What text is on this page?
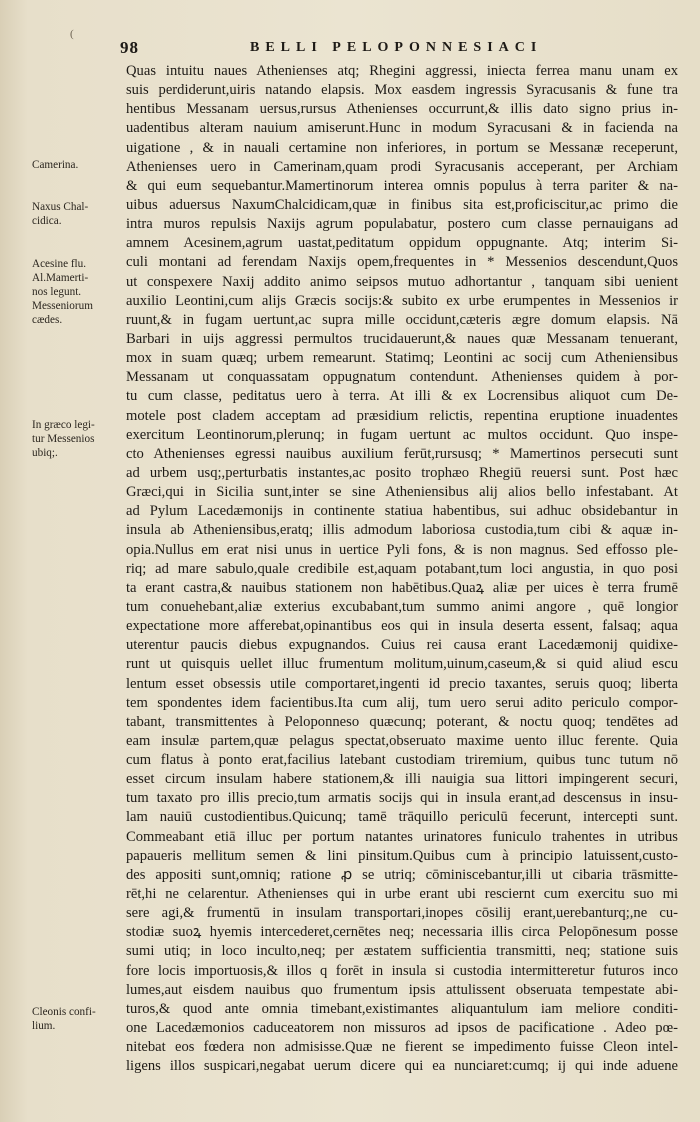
(
98	BELLI PELOPONNESIACI
Camerina.
Naxus Chal-
cidica.
Acesine flu.
Al.Mamerti-
nos legunt.
Messeniorum
cædes.
In græco legi-
tur Messenios
ubiq;.
Cleonis confi-
lium.
Quas intuitu naues Athenienses atq; Rhegini aggressi, iniecta ferrea manu unam ex
suis perdiderunt,uiris natando elapsis. Mox easdem ingressis Syracusanis & fune tra
hentibus Messanam uersus,rursus Athenienses occurrunt,& illis dato signo prius in-
uadentibus alteram nauium amiserunt.Hunc in modum Syracusani & in facienda na
uigatione , & in nauali certamine non inferiores, in portum se Messanæ receperunt,
Athenienses uero in Camerinam,quam prodi Syracusanis acceperant, per Archiam
& qui eum sequebantur.Mamertinorum interea omnis populus à terra pariter & na-
uibus aduersus NaxumChalcidicam,quæ in finibus sita est,proficiscitur,ac primo die
intra muros repulsis Naxijs agrum populabatur, postero cum classe pernauigans ad
amnem Acesinem,agrum uastat,peditatum oppidum oppugnante. Atq; interim Si-
culi montani ad ferendam Naxijs opem,frequentes in * Messenios descendunt,Quos
ut conspexere Naxij addito animo seipsos mutuo adhortantur , tanquam sibi uenient
auxilio Leontini,cum alijs Græcis socijs:& subito ex urbe erumpentes in Messenios ir
ruunt,& in fugam uertunt,ac supra mille occidunt,cæteris ægre domum elapsis. Nā
Barbari in uijs aggressi permultos trucidauerunt,& naues quæ Messanam tenuerant,
mox in suam quæq; urbem remearunt. Statimq; Leontini ac socij cum Atheniensibus
Messanam ut conquassatam oppugnatum contendunt. Athenienses quidem à por-
tu cum classe, peditatus uero à terra. At illi & ex Locrensibus aliquot cum De-
motele post cladem acceptam ad præsidium relictis, repentina eruptione inuadentes
exercitum Leontinorum,plerunq; in fugam uertunt ac multos occidunt. Quo inspe-
cto Athenienses egressi nauibus auxilium ferūt,rursusq; * Mamertinos persecuti sunt
ad urbem usq;,perturbatis instantes,ac posito trophæo Rhegiū reuersi sunt. Post hæc
Græci,qui in Sicilia sunt,inter se sine Atheniensibus alij alios bello infestabant. At
ad Pylum Lacedæmonijs in continente statiua habentibus, sui adhuc obsidebantur in
insula ab Atheniensibus,eratq; illis admodum laboriosa custodia,tum cibi & aquæ in-
opia.Nullus em erat nisi unus in uertice Pyli fons, & is non magnus. Sed effosso ple-
riq; ad mare sabulo,quale credibile est,aquam potabant,tum loci angustia, in quo posi
ta erant castra,& nauibus stationem non habētibus.Quaꝝ aliæ per uices è terra frumē
tum conuehebant,aliæ exterius excubabant,tum summo animi angore , quē longior
expectatione more afferebat,opinantibus eos qui in insula deserta essent, falsaq; aqua
uterentur paucis diebus expugnandos. Cuius rei causa erant Lacedæmonij quidixe-
runt ut quisquis uellet illuc frumentum molitum,uinum,caseum,& si quid aliud escu
lentum esset obsessis utile comportaret,ingenti id precio taxantes, seruis quoq; liberta
tem spondentes idem facientibus.Ita cum alij, tum uero serui adito periculo compor-
tabant, transmittentes à Peloponneso quæcunq; poterant, & noctu quoq; tendētes ad
eam insulæ partem,quæ pelagus spectat,obseruato maxime uento illuc ferente. Quia
cum flatus à ponto erat,facilius latebant custodiam triremium, quibus tunc tutum nō
esset circum insulam habere stationem,& illi nauigia sua littori impingerent securi,
tum taxato pro illis precio,tum armatis socijs qui in insula erant,ad descensus in insu-
lam nauiū custodientibus.Quicunq; tamē trāquillo periculū fecerunt, intercepti sunt.
Commeabant etiā illuc per portum natantes urinatores funiculo trahentes in utribus
papaueris mellitum semen & lini pinsitum.Quibus cum à principio latuissent,custo-
des appositi sunt,omniq; ratione ꝓ se utriq; cōminiscebantur,illi ut cibaria trāsmitte-
rēt,hi ne celarentur. Athenienses qui in urbe erant ubi resciernt cum exercitu suo mi
sere agi,& frumentū in insulam transportari,inopes cōsilij erant,uerebanturq;,ne cu-
stodiæ suoꝝ hyemis intercederet,cernētes neq; necessaria illis circa Pelopōnesum posse
sumi utiq; in loco inculto,neq; per æstatem sufficientia transmitti, neq; statione suis
fore locis importuosis,& illos q forēt in insula si custodia intermitteretur futuros inco
lumes,aut eisdem nauibus quo frumentum ipsis attulissent obseruata tempestate abi-
turos,& quod ante omnia timebant,existimantes aliquantulum iam meliore conditi-
one Lacedæmonios caduceatorem non missuros ad ipsos de pacificatione . Adeo pœ-
nitebat eos fœdera non admisisse.Quæ ne fierent se impedimento fuisse Cleon intel-
ligens illos suspicari,negabat uerum dicere qui ea nunciaret:cumq; ij qui inde aduene
